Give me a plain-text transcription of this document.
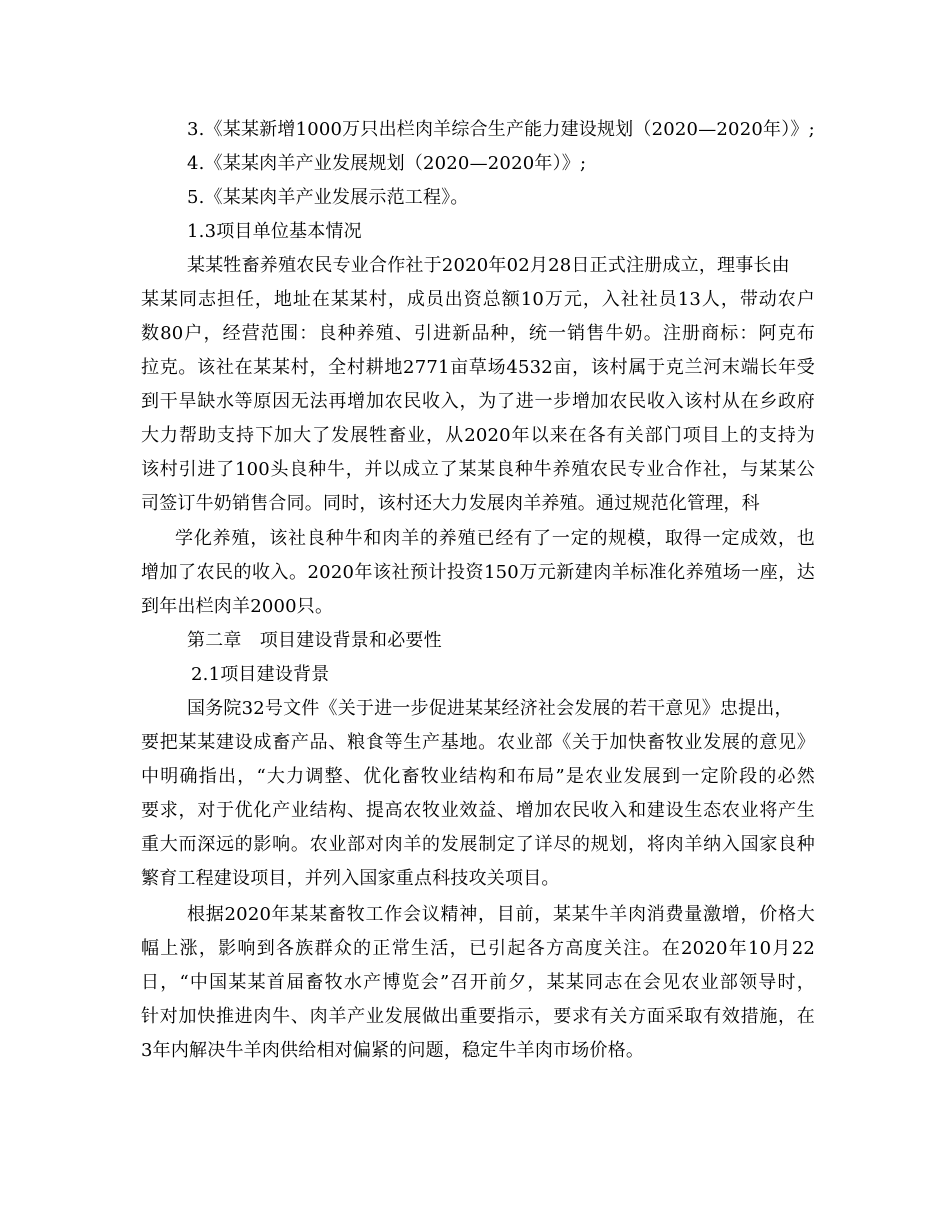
3.《某某新增1000万只出栏肉羊综合生产能力建设规划（2020—2020年）》;
4.《某某肉羊产业发展规划（2020—2020年）》;
5.《某某肉羊产业发展示范工程》。
1.3项目单位基本情况
某某牲畜养殖农民专业合作社于2020年02月28日正式注册成立，理事长由
某某同志担任，地址在某某村，成员出资总额10万元，入社社员13人，带动农户
数80户，经营范围：良种养殖、引进新品种，统一销售牛奶。注册商标：阿克布
拉克。该社在某某村，全村耕地2771亩草场4532亩，该村属于克兰河末端长年受
到干旱缺水等原因无法再增加农民收入，为了进一步增加农民收入该村从在乡政府
大力帮助支持下加大了发展牲畜业，从2020年以来在各有关部门项目上的支持为
该村引进了100头良种牛，并以成立了某某良种牛养殖农民专业合作社，与某某公
司签订牛奶销售合同。同时，该村还大力发展肉羊养殖。通过规范化管理，科
学化养殖，该社良种牛和肉羊的养殖已经有了一定的规模，取得一定成效，也
增加了农民的收入。2020年该社预计投资150万元新建肉羊标准化养殖场一座，达
到年出栏肉羊2000只。
第二章　项目建设背景和必要性
2.1项目建设背景
国务院32号文件《关于进一步促进某某经济社会发展的若干意见》忠提出，
要把某某建设成畜产品、粮食等生产基地。农业部《关于加快畜牧业发展的意见》
中明确指出，“大力调整、优化畜牧业结构和布局”是农业发展到一定阶段的必然
要求，对于优化产业结构、提高农牧业效益、增加农民收入和建设生态农业将产生
重大而深远的影响。农业部对肉羊的发展制定了详尽的规划，将肉羊纳入国家良种
繁育工程建设项目，并列入国家重点科技攻关项目。
根据2020年某某畜牧工作会议精神，目前，某某牛羊肉消费量激增，价格大
幅上涨，影响到各族群众的正常生活，已引起各方高度关注。在2020年10月22
日，“中国某某首届畜牧水产博览会”召开前夕，某某同志在会见农业部领导时，
针对加快推进肉牛、肉羊产业发展做出重要指示，要求有关方面采取有效措施，在
3年内解决牛羊肉供给相对偏紧的问题，稳定牛羊肉市场价格。
